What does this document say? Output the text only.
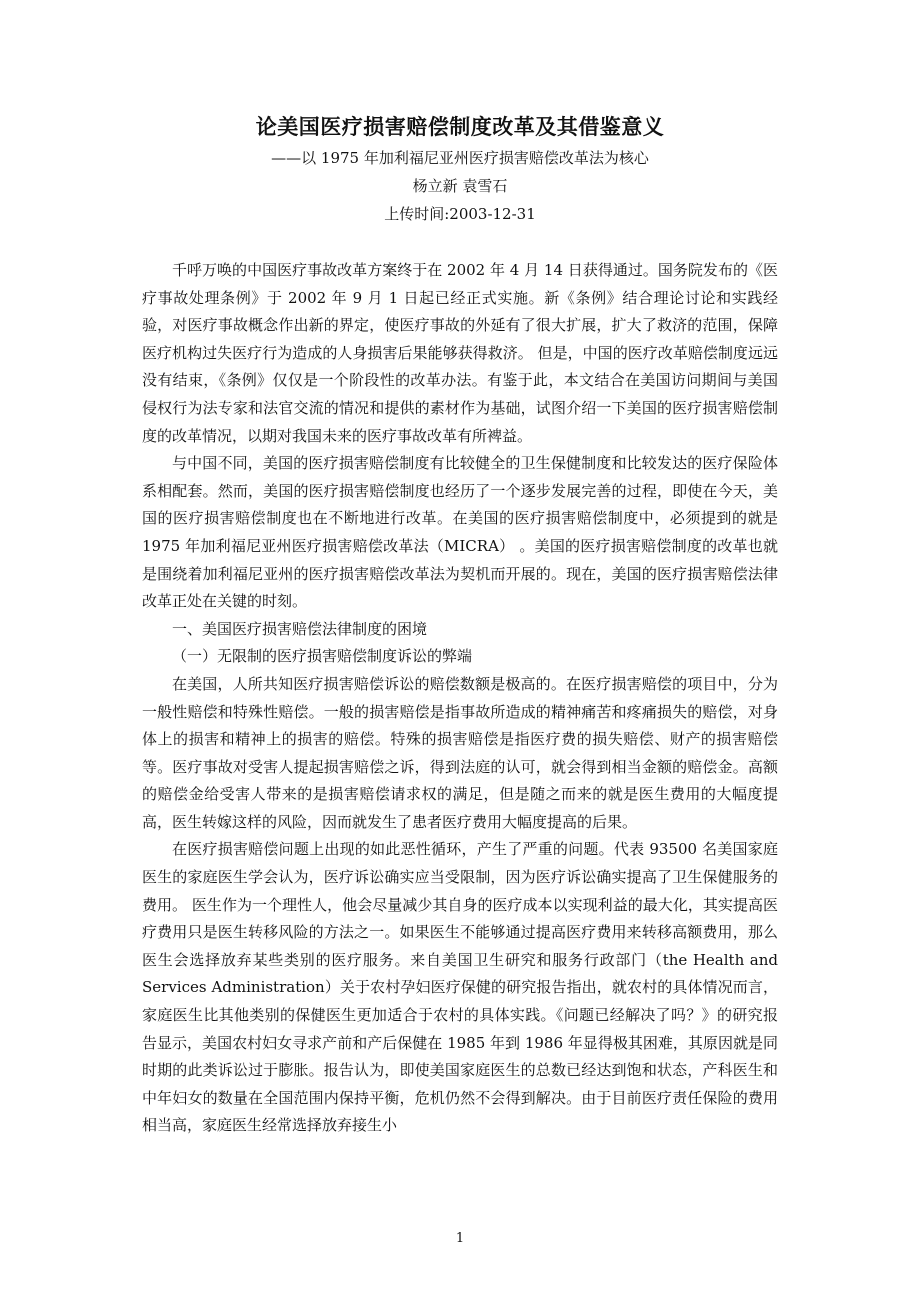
论美国医疗损害赔偿制度改革及其借鉴意义
——以 1975 年加利福尼亚州医疗损害赔偿改革法为核心
杨立新 袁雪石
上传时间:2003-12-31

千呼万唤的中国医疗事故改革方案终于在 2002 年 4 月 14 日获得通过。国务院发布的《医疗事故处理条例》于 2002 年 9 月 1 日起已经正式实施。新《条例》结合理论讨论和实践经验，对医疗事故概念作出新的界定，使医疗事故的外延有了很大扩展，扩大了救济的范围，保障医疗机构过失医疗行为造成的人身损害后果能够获得救济。 但是，中国的医疗改革赔偿制度远远没有结束，《条例》仅仅是一个阶段性的改革办法。有鉴于此，本文结合在美国访问期间与美国侵权行为法专家和法官交流的情况和提供的素材作为基础，试图介绍一下美国的医疗损害赔偿制度的改革情况，以期对我国未来的医疗事故改革有所裨益。

与中国不同，美国的医疗损害赔偿制度有比较健全的卫生保健制度和比较发达的医疗保险体系相配套。然而，美国的医疗损害赔偿制度也经历了一个逐步发展完善的过程，即使在今天，美国的医疗损害赔偿制度也在不断地进行改革。在美国的医疗损害赔偿制度中，必须提到的就是 1975 年加利福尼亚州医疗损害赔偿改革法（MICRA） 。美国的医疗损害赔偿制度的改革也就是围绕着加利福尼亚州的医疗损害赔偿改革法为契机而开展的。现在，美国的医疗损害赔偿法律改革正处在关键的时刻。

一、美国医疗损害赔偿法律制度的困境

（一）无限制的医疗损害赔偿制度诉讼的弊端

在美国，人所共知医疗损害赔偿诉讼的赔偿数额是极高的。在医疗损害赔偿的项目中，分为一般性赔偿和特殊性赔偿。一般的损害赔偿是指事故所造成的精神痛苦和疼痛损失的赔偿，对身体上的损害和精神上的损害的赔偿。特殊的损害赔偿是指医疗费的损失赔偿、财产的损害赔偿等。医疗事故对受害人提起损害赔偿之诉，得到法庭的认可，就会得到相当金额的赔偿金。高额的赔偿金给受害人带来的是损害赔偿请求权的满足，但是随之而来的就是医生费用的大幅度提高，医生转嫁这样的风险，因而就发生了患者医疗费用大幅度提高的后果。

在医疗损害赔偿问题上出现的如此恶性循环，产生了严重的问题。代表 93500 名美国家庭医生的家庭医生学会认为，医疗诉讼确实应当受限制，因为医疗诉讼确实提高了卫生保健服务的费用。 医生作为一个理性人，他会尽量减少其自身的医疗成本以实现利益的最大化，其实提高医疗费用只是医生转移风险的方法之一。如果医生不能够通过提高医疗费用来转移高额费用，那么医生会选择放弃某些类别的医疗服务。来自美国卫生研究和服务行政部门（the Health and Services Administration）关于农村孕妇医疗保健的研究报告指出，就农村的具体情况而言，家庭医生比其他类别的保健医生更加适合于农村的具体实践。《问题已经解决了吗？》的研究报告显示，美国农村妇女寻求产前和产后保健在 1985 年到 1986 年显得极其困难，其原因就是同时期的此类诉讼过于膨胀。报告认为，即使美国家庭医生的总数已经达到饱和状态，产科医生和中年妇女的数量在全国范围内保持平衡，危机仍然不会得到解决。由于目前医疗责任保险的费用相当高，家庭医生经常选择放弃接生小

1
